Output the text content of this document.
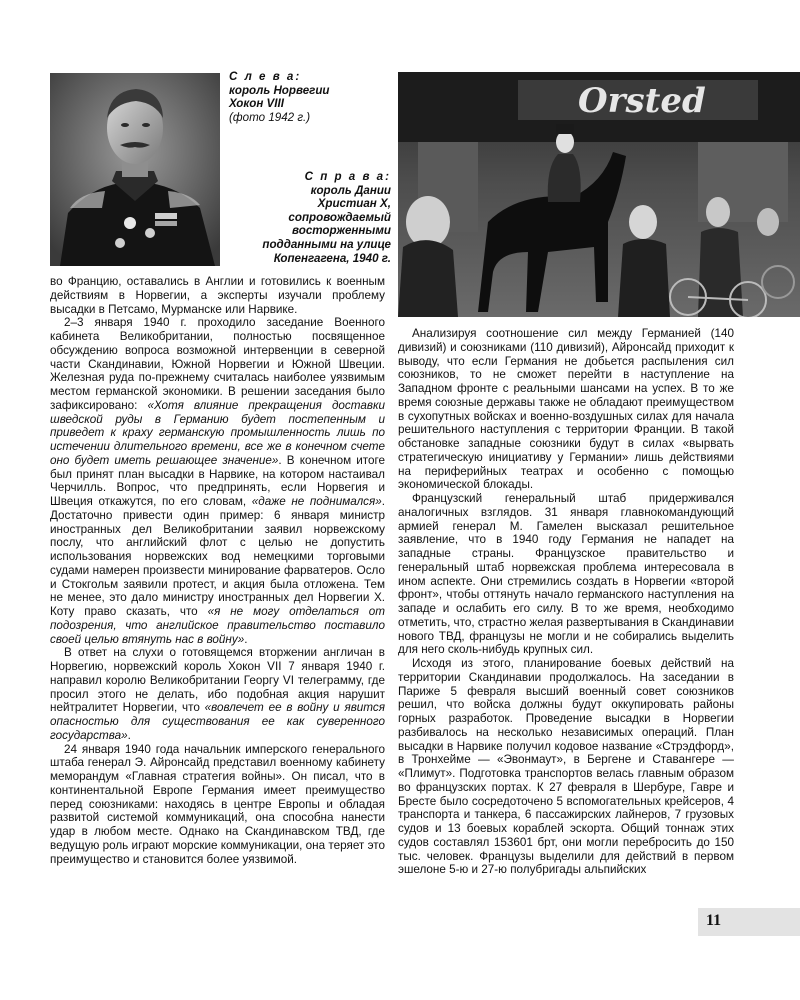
С л е в а:
король Норвегии
Хокон VIII
(фото 1942 г.)
С п р а в а:
король Дании
Христиан X,
сопровождаемый
восторженными
подданными на улице
Копенгагена, 1940 г.
Orsted

во Францию, оставались в Англии и готовились к военным действиям в Норвегии, а эксперты изучали проблему высадки в Петсамо, Мурманске или Нарвике.

2–3 января 1940 г. проходило заседание Военного кабинета Великобритании, полностью посвященное обсуждению вопроса возможной интервенции в северной части Скандинавии, Южной Норвегии и Южной Швеции. Железная руда по-прежнему считалась наиболее уязвимым местом германской экономики. В решении заседания было зафиксировано: «Хотя влияние прекращения доставки шведской руды в Германию будет постепенным и приведет к краху германскую промышленность лишь по истечении длительного времени, все же в конечном счете оно будет иметь решающее значение». В конечном итоге был принят план высадки в Нарвике, на котором настаивал Черчилль. Вопрос, что предпринять, если Норвегия и Швеция откажутся, по его словам, «даже не поднимался». Достаточно привести один пример: 6 января министр иностранных дел Великобритании заявил норвежскому послу, что английский флот с целью не допустить использования норвежских вод немецкими торговыми судами намерен произвести минирование фарватеров. Осло и Стокгольм заявили протест, и акция была отложена. Тем не менее, это дало министру иностранных дел Норвегии Х. Коту право сказать, что «я не могу отделаться от подозрения, что английское правительство поставило своей целью втянуть нас в войну».

В ответ на слухи о готовящемся вторжении англичан в Норвегию, норвежский король Хокон VII 7 января 1940 г. направил королю Великобритании Георгу VI телеграмму, где просил этого не делать, ибо подобная акция нарушит нейтралитет Норвегии, что «вовлечет ее в войну и явится опасностью для существования ее как суверенного государства».

24 января 1940 года начальник имперского генерального штаба генерал Э. Айронсайд представил военному кабинету меморандум «Главная стратегия войны». Он писал, что в континентальной Европе Германия имеет преимущество перед союзниками: находясь в центре Европы и обладая развитой системой коммуникаций, она способна нанести удар в любом месте. Однако на Скандинавском ТВД, где ведущую роль играют морские коммуникации, она теряет это преимущество и становится более уязвимой.

Анализируя соотношение сил между Германией (140 дивизий) и союзниками (110 дивизий), Айронсайд приходит к выводу, что если Германия не добьется распыления сил союзников, то не сможет перейти в наступление на Западном фронте с реальными шансами на успех. В то же время союзные державы также не обладают преимуществом в сухопутных войсках и военно-воздушных силах для начала решительного наступления с территории Франции. В такой обстановке западные союзники будут в силах «вырвать стратегическую инициативу у Германии» лишь действиями на периферийных театрах и особенно с помощью экономической блокады.

Французский генеральный штаб придерживался аналогичных взглядов. 31 января главнокомандующий армией генерал М. Гамелен высказал решительное заявление, что в 1940 году Германия не нападет на западные страны. Французское правительство и генеральный штаб норвежская проблема интересовала в ином аспекте. Они стремились создать в Норвегии «второй фронт», чтобы оттянуть начало германского наступления на западе и ослабить его силу. В то же время, необходимо отметить, что, страстно желая развертывания в Скандинавии нового ТВД, французы не могли и не собирались выделить для него сколь-нибудь крупных сил.

Исходя из этого, планирование боевых действий на территории Скандинавии продолжалось. На заседании в Париже 5 февраля высший военный совет союзников решил, что войска должны будут оккупировать районы горных разработок. Проведение высадки в Норвегии разбивалось на несколько независимых операций. План высадки в Нарвике получил кодовое название «Стрэдфорд», в Тронхейме — «Эвонмаут», в Бергене и Ставангере — «Плимут». Подготовка транспортов велась главным образом во французских портах. К 27 февраля в Шербуре, Гавре и Бресте было сосредоточено 5 вспомогательных крейсеров, 4 транспорта и танкера, 6 пассажирских лайнеров, 7 грузовых судов и 13 боевых кораблей эскорта. Общий тоннаж этих судов составлял 153601 брт, они могли перебросить до 150 тыс. человек. Французы выделили для действий в первом эшелоне 5-ю и 27-ю полубригады альпийских

11
